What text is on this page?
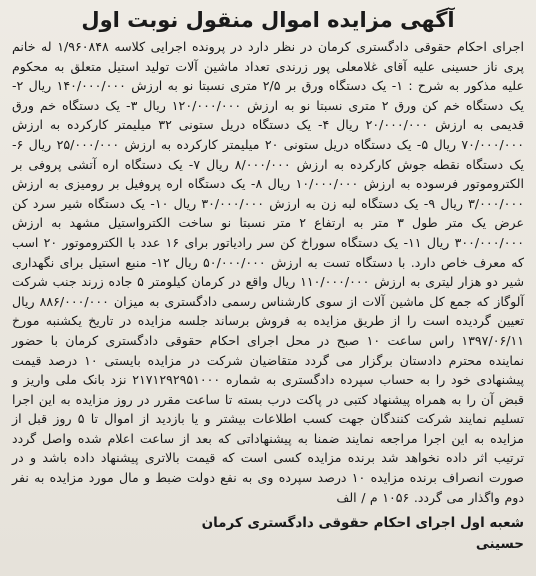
آگهی مزایده اموال منقول نوبت اول

اجرای احکام حقوقی دادگستری کرمان در نظر دارد در پرونده اجرایی کلاسه ۱/۹۶۰۸۴۸ له خانم پری ناز حسینی علیه آقای غلامعلی پور زرندی تعداد ماشین آلات تولید استیل متعلق به محکوم علیه مذکور به شرح : ۱- یک دستگاه ورق بر ۲/۵ متری نسبتا نو به ارزش ۱۴۰/۰۰۰/۰۰۰ ریال ۲- یک دستگاه خم کن ورق ۲ متری نسبتا نو به ارزش ۱۲۰/۰۰۰/۰۰۰ ریال ۳- یک دستگاه خم ورق قدیمی به ارزش ۲۰/۰۰۰/۰۰۰ ریال ۴- یک دستگاه دریل ستونی ۳۲ میلیمتر کارکرده به ارزش ۷۰/۰۰۰/۰۰۰ ریال ۵- یک دستگاه دریل ستونی ۲۰ میلیمتر کارکرده به ارزش ۲۵/۰۰۰/۰۰۰ ریال ۶- یک دستگاه نقطه جوش کارکرده به ارزش ۸/۰۰۰/۰۰۰ ریال ۷- یک دستگاه اره آتشی پروفی بر الکتروموتور فرسوده به ارزش ۱۰/۰۰۰/۰۰۰ ریال ۸- یک دستگاه اره پروفیل بر رومیزی به ارزش ۳/۰۰۰/۰۰۰ ریال ۹- یک دستگاه لبه زن به ارزش ۳۰/۰۰۰/۰۰۰ ریال ۱۰- یک دستگاه شیر سرد کن عرض یک متر طول ۳ متر به ارتفاع ۲ متر نسبتا نو ساخت الکترواستیل مشهد به ارزش ۳۰۰/۰۰۰/۰۰۰ ریال ۱۱- یک دستگاه سوراخ کن سر رادیاتور برای ۱۶ عدد با الکتروموتور ۲۰ اسب که معرف خاص دارد. با دستگاه تست به ارزش ۵۰/۰۰۰/۰۰۰ ریال ۱۲- منبع استیل برای نگهداری شیر دو هزار لیتری به ارزش ۱۱۰/۰۰۰/۰۰۰ ریال واقع در کرمان کیلومتر ۵ جاده زرند جنب شرکت آلوگاز که جمع کل ماشین آلات از سوی کارشناس رسمی دادگستری به میزان ۸۸۶/۰۰۰/۰۰۰ ریال تعیین گردیده است را از طریق مزایده به فروش برساند جلسه مزایده در تاریخ یکشنبه مورخ ۱۳۹۷/۰۶/۱۱ راس ساعت ۱۰ صبح در محل اجرای احکام حقوقی دادگستری کرمان با حضور نماینده محترم دادستان برگزار می گردد متقاضیان شرکت در مزایده بایستی ۱۰ درصد قیمت پیشنهادی خود را به حساب سپرده دادگستری به شماره ۲۱۷۱۲۹۲۹۵۱۰۰۰ نزد بانک ملی واریز و قبض آن را به همراه پیشنهاد کتبی در پاکت درب بسته تا ساعت مقرر در روز مزایده به این اجرا تسلیم نمایند شرکت کنندگان جهت کسب اطلاعات بیشتر و یا بازدید از اموال تا ۵ روز قبل از مزایده به این اجرا مراجعه نمایند ضمنا به پیشنهاداتی که بعد از ساعت اعلام شده واصل گردد ترتیب اثر داده نخواهد شد برنده مزایده کسی است که قیمت بالاتری پیشنهاد داده باشد و در صورت انصراف برنده مزایده ۱۰ درصد سپرده وی به نفع دولت ضبط و مال مورد مزایده به نفر دوم واگذار می گردد. ۱۰۵۶ م / الف

شعبه اول اجرای احکام حقوقی دادگستری کرمان
حسینی
